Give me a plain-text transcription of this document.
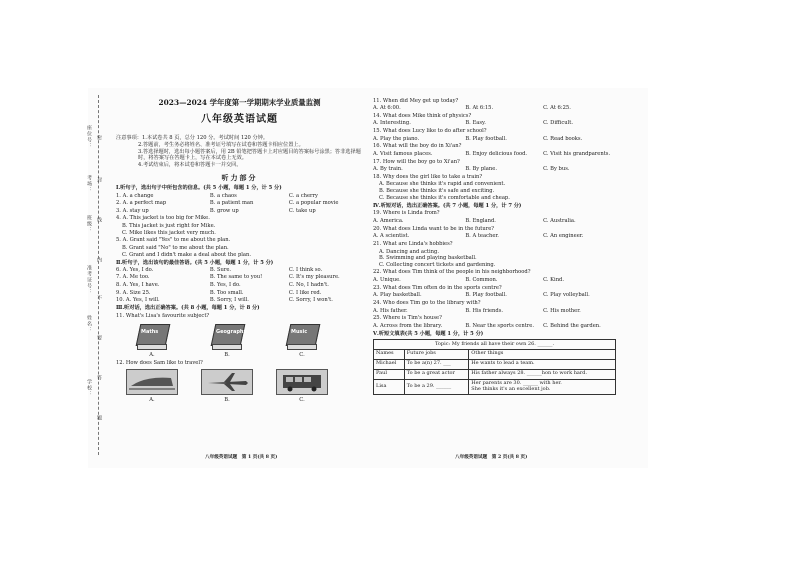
学校：
姓名：
准考证号：
班级：
考场：
座位号： 密
封
线
内
不
要
答
题
2023—2024 学年度第一学期期末学业质量监测
八年级英语试题
注意事项：1.本试卷共 8 页，总分 120 分。考试时间 120 分钟。
2.答题前，考生务必将姓名、准考证号填写在试卷和答题卡相应位置上。
3.答选择题时，选出每小题答案后，用 2B 铅笔把答题卡上对应题目的答案标号涂黑；答非选择题时，将答案写在答题卡上，写在本试卷上无效。
4.考试结束后，将本试卷和答题卡一并交回。
听力部分
Ⅰ.听句子，选出句子中所包含的信息。(共 5 小题，每题 1 分，计 5 分)
1. A. a change	B. a chaos	C. a cherry
2. A. a perfect map	B. a patient man	C. a popular movie
3. A. stay up	B. grow up	C. take up
4. A. This jacket is too big for Mike.
B. This jacket is just right for Mike.
C. Mike likes this jacket very much.
5. A. Grant said "Yes" to me about the plan.
B. Grant said "No" to me about the plan.
C. Grant and I didn't make a deal about the plan.
Ⅱ.听句子，选出该句的最佳答语。(共 5 小题，每题 1 分，计 5 分)
6. A. Yes, I do.	B. Sure.	C. I think so.
7. A. Me too.	B. The same to you!	C. It's my pleasure.
8. A. Yes, I have.	B. Yes, I do.	C. No, I hadn't.
9. A. Size 25.	B. Too small.	C. I like red.
10. A. Yes, I will.	B. Sorry, I will.	C. Sorry, I won't.
Ⅲ.听对话，选出正确答案。(共 8 小题，每题 1 分，计 8 分)
11. What's Lisa's favourite subject?
Maths
A.
Geography
B.
Music
C.
12. How does Sam like to travel?
A.	B.	C.
11. When did Mey get up today?
A. At 6:00.	B. At 6:15.	C. At 6:25.
14. What does Mike think of physics?
A. Interesting.	B. Easy.	C. Difficult.
15. What does Lucy like to do after school?
A. Play the piano.	B. Play football.	C. Read books.
16. What will the boy do in Xi'an?
A. Visit famous places.	B. Enjoy delicious food.	C. Visit his grandparents.
17. How will the boy go to Xi'an?
A. By train.	B. By plane.	C. By bus.
18. Why does the girl like to take a train?
A. Because she thinks it's rapid and convenient.
B. Because she thinks it's safe and exciting.
C. Because she thinks it's comfortable and cheap.
Ⅳ.听短对话，选出正确答案。(共 7 小题，每题 1 分，计 7 分)
19. Where is Linda from?
A. America.	B. England.	C. Australia.
20. What does Linda want to be in the future?
A. A scientist.	B. A teacher.	C. An engineer.
21. What are Linda's hobbies?
A. Dancing and acting.
B. Swimming and playing basketball.
C. Collecting concert tickets and gardening.
22. What does Tim think of the people in his neighborhood?
A. Unique.	B. Common.	C. Kind.
23. What does Tim often do in the sports centre?
A. Play basketball.	B. Play football.	C. Play volleyball.
24. Who does Tim go to the library with?
A. His father.	B. His friends.	C. His mother.
25. Where is Tim's house?
A. Across from the library.	B. Near the sports centre.	C. Behind the garden.
Ⅴ.听短文填表(共 5 小题，每题 1 分，计 5 分)
Topic: My friends all have their own 26. ______.		
Names	Future jobs	Other things
Michael	To be a(n) 27. ___	He wants to lead a team.
Paul	To be a great actor	His father always 28. ______hon to work hard.
Lisa	To be a 29. ______	Her parents are 30. ______ with her.
She thinks it's an excellent job.
八年级英语试题　第 1 页(共 8 页)	八年级英语试题　第 2 页(共 8 页)
